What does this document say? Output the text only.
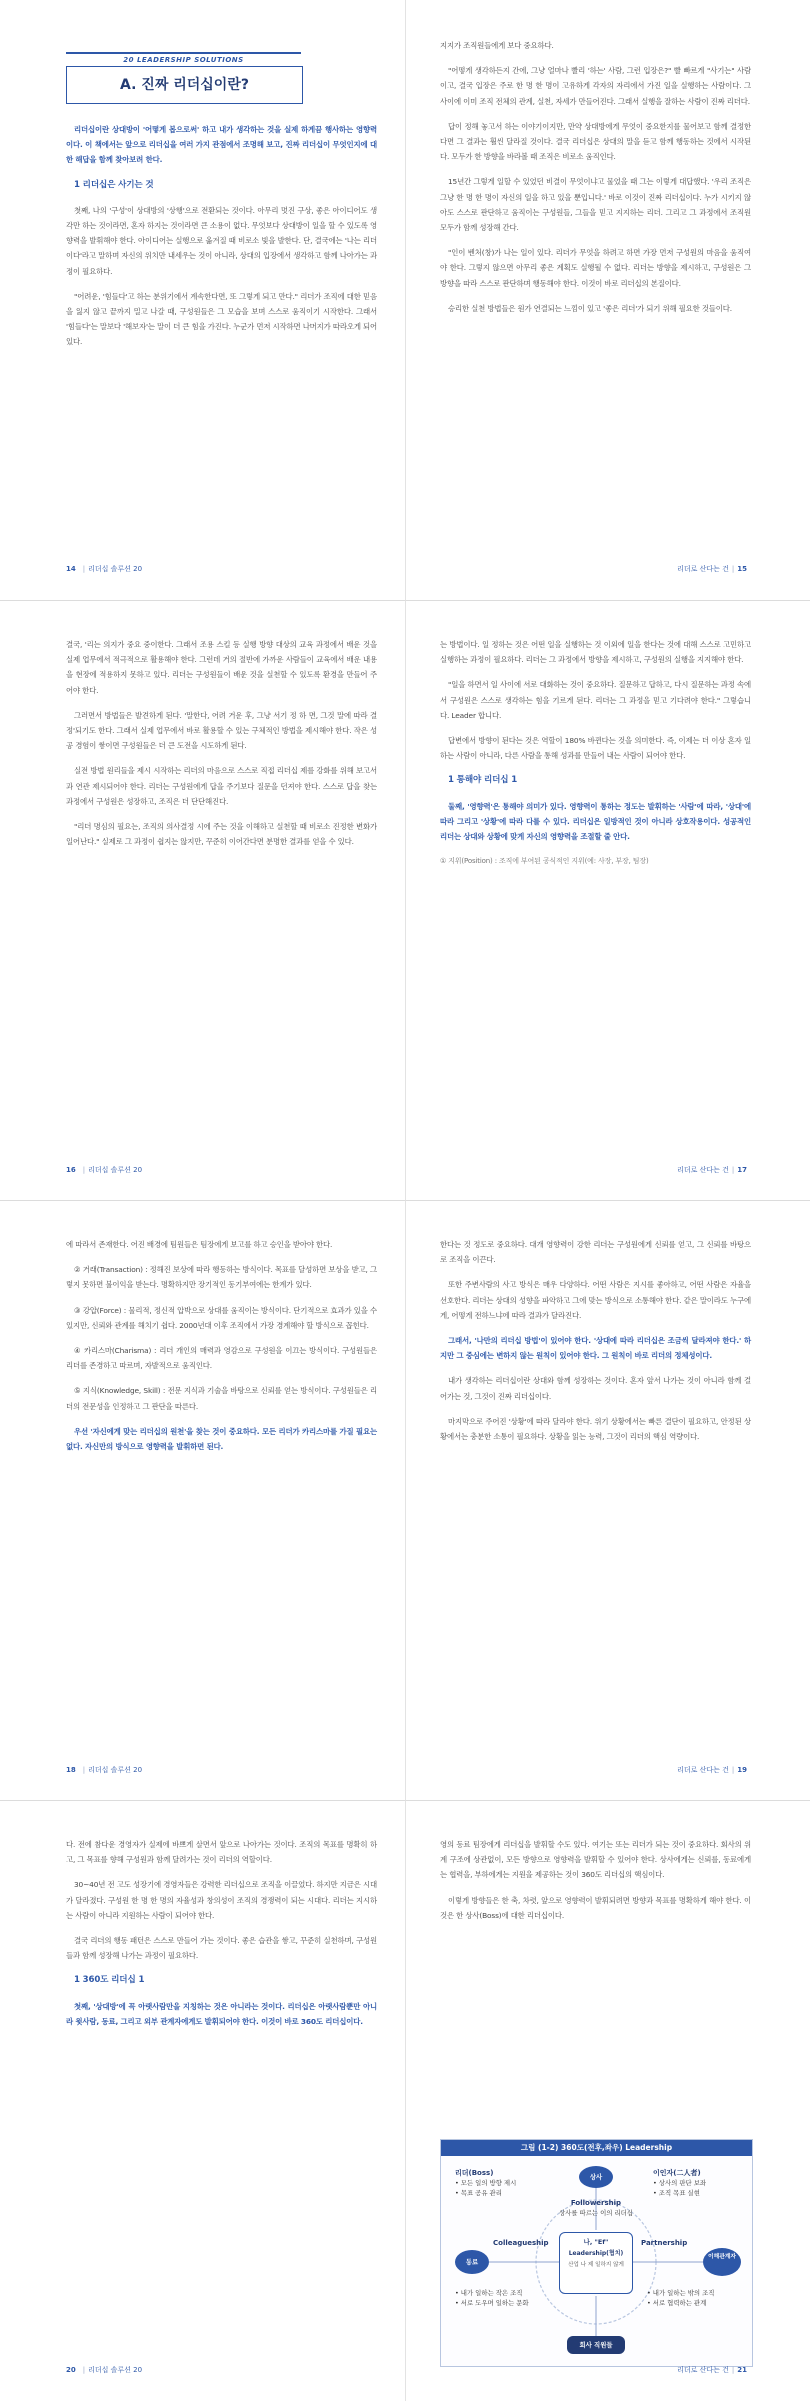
20 LEADERSHIP SOLUTIONS
A. 진짜 리더십이란?

리더십이란 상대방이 '어떻게 봅으로써' 하고 내가 생각하는 것을 실제 하게끔 행사하는 영향력이다. 이 책에서는 앞으로 리더십을 여러 가지 관점에서 조명해 보고, 진짜 리더십이 무엇인지에 대한 해답을 함께 찾아보려 한다.

1 리더십은 사기는 것

첫째, 나의 '구성'이 상대방의 '상행'으로 전환되는 것이다. 아무리 멋진 구상, 좋은 아이디어도 생각만 하는 것이라면, 혼자 하지는 것이라면 큰 소용이 없다. 무엇보다 상대방이 일을 할 수 있도록 영향력을 발휘해야 한다. 아이디어는 실행으로 옮겨질 때 비로소 빛을 발한다. 단, 결국에는 '나는 리더이다'라고 말하며 자신의 위치만 내세우는 것이 아니라, 상대의 입장에서 생각하고 함께 나아가는 과정이 필요하다.

"어려운, '힘들다'고 하는 분위기에서 계속한다면, 또 그렇게 되고 만다." 리더가 조직에 대한 믿음을 잃지 않고 끝까지 밀고 나갈 때, 구성원들은 그 모습을 보며 스스로 움직이기 시작한다. 그래서 '힘들다'는 말보다 '해보자'는 말이 더 큰 힘을 가진다. 누군가 먼저 시작하면 나머지가 따라오게 되어 있다.

14 | 리더십 솔루션 20

지지가 조직원들에게 보다 중요하다.

"어떻게 생각하든지 간에, 그냥 얼마나 빨리 '하는' 사람, 그런 입장은?" 빨 빠르게 "사기는" 사람이고, 결국 입장은 주로 한 명 한 명이 고유하게 각자의 자리에서 가진 일을 실행하는 사람이다. 그 사이에 이미 조직 전체의 관계, 실천, 자세가 만들어진다. 그래서 실행을 잘하는 사람이 진짜 리더다.

답이 정해 놓고서 하는 이야기이지만, 만약 상대방에게 무엇이 중요한지를 물어보고 함께 결정한다면 그 결과는 훨씬 달라질 것이다. 결국 리더십은 상대의 말을 듣고 함께 행동하는 것에서 시작된다. 모두가 한 방향을 바라볼 때 조직은 비로소 움직인다.

15년간 그렇게 일할 수 있었던 비결이 무엇이냐고 물었을 때 그는 이렇게 대답했다. '우리 조직은 그냥 한 명 한 명이 자신의 일을 하고 있을 뿐입니다.' 바로 이것이 진짜 리더십이다. 누가 시키지 않아도 스스로 판단하고 움직이는 구성원들, 그들을 믿고 지지하는 리더. 그리고 그 과정에서 조직원 모두가 함께 성장해 간다.

"인이 벤처(창)가 나는 일이 있다. 리더가 무엇을 하려고 하면 가장 먼저 구성원의 마음을 움직여야 한다. 그렇지 않으면 아무리 좋은 계획도 실행될 수 없다. 리더는 방향을 제시하고, 구성원은 그 방향을 따라 스스로 판단하며 행동해야 한다. 이것이 바로 리더십의 본질이다.

승리한 실천 방법들은 원가 연결되는 느낌이 있고 '좋은 리더'가 되기 위해 필요한 것들이다.

리더로 산다는 건 | 15

결국, '리는 의지가 중요 중이한다. 그래서 조용 스킬 등 실행 방향 대상의 교육 과정에서 배운 것을 실제 업무에서 적극적으로 활용해야 한다. 그런데 거의 절반에 가까운 사람들이 교육에서 배운 내용을 현장에 적용하지 못하고 있다. 리더는 구성원들이 배운 것을 실천할 수 있도록 환경을 만들어 주어야 한다.

그러면서 방법들은 발견하게 된다. '말한다, 어려 거운 후, 그냥 서기 정 하 면, 그것 말에 따라 결정'되기도 한다. 그래서 실제 업무에서 바로 활용할 수 있는 구체적인 방법을 제시해야 한다. 작은 성공 경험이 쌓이면 구성원들은 더 큰 도전을 시도하게 된다.

실전 방법 원리들을 제시 시작하는 리더의 마음으로 스스로 직접 리더십 제를 강화를 위해 보고서 과 연관 제시되어야 한다. 리더는 구성원에게 답을 주기보다 질문을 던져야 한다. 스스로 답을 찾는 과정에서 구성원은 성장하고, 조직은 더 단단해진다.

"리더 명심의 필요는, 조직의 의사결정 시에 주는 것을 이해하고 실천할 때 비로소 진정한 변화가 일어난다." 실제로 그 과정이 쉽지는 않지만, 꾸준히 이어간다면 분명한 결과를 얻을 수 있다.

16 | 리더십 솔루션 20

는 방법이다. 일 정하는 것은 어떤 일을 실행하는 것 이외에 일을 한다는 것에 대해 스스로 고민하고 실행하는 과정이 필요하다. 리더는 그 과정에서 방향을 제시하고, 구성원의 실행을 지지해야 한다.

"일을 하면서 일 사이에 서로 대화하는 것이 중요하다. 질문하고 답하고, 다시 질문하는 과정 속에서 구성원은 스스로 생각하는 힘을 기르게 된다. 리더는 그 과정을 믿고 기다려야 한다." 그렇습니다. Leader 합니다.

답변에서 방향이 된다는 것은 역할이 180% 바뀐다는 것을 의미한다. 즉, 이제는 더 이상 혼자 일하는 사람이 아니라, 다른 사람을 통해 성과를 만들어 내는 사람이 되어야 한다.

1 통해야 리더십 1

둘째, '영향력'은 통해야 의미가 있다. 영향력이 통하는 정도는 발휘하는 '사람'에 따라, '상대'에 따라 그리고 '상황'에 따라 다를 수 있다. 리더십은 일방적인 것이 아니라 상호작용이다. 성공적인 리더는 상대와 상황에 맞게 자신의 영향력을 조절할 줄 안다.

① 지위(Position) : 조직에 부여된 공식적인 지위(예: 사장, 부장, 팀장)

리더로 산다는 건 | 17

에 따라서 존재한다. 어진 배경에 팀원들은 팀장에게 보고를 하고 승인을 받아야 한다.

② 거래(Transaction) : 정해진 보상에 따라 행동하는 방식이다. 목표를 달성하면 보상을 받고, 그렇지 못하면 불이익을 받는다. 명확하지만 장기적인 동기부여에는 한계가 있다.

③ 강압(Force) : 물리적, 정신적 압박으로 상대를 움직이는 방식이다. 단기적으로 효과가 있을 수 있지만, 신뢰와 관계를 해치기 쉽다. 2000년대 이후 조직에서 가장 경계해야 할 방식으로 꼽힌다.

④ 카리스마(Charisma) : 리더 개인의 매력과 영감으로 구성원을 이끄는 방식이다. 구성원들은 리더를 존경하고 따르며, 자발적으로 움직인다.

⑤ 지식(Knowledge, Skill) : 전문 지식과 기술을 바탕으로 신뢰를 얻는 방식이다. 구성원들은 리더의 전문성을 인정하고 그 판단을 따른다.

우선 '자신에게 맞는 리더십의 원천'을 찾는 것이 중요하다. 모든 리더가 카리스마를 가질 필요는 없다. 자신만의 방식으로 영향력을 발휘하면 된다.

18 | 리더십 솔루션 20

한다는 것 정도로 중요하다. 대개 영향력이 강한 리더는 구성원에게 신뢰를 얻고, 그 신뢰를 바탕으로 조직을 이끈다.

또한 주변사람의 사고 방식은 매우 다양하다. 어떤 사람은 지시를 좋아하고, 어떤 사람은 자율을 선호한다. 리더는 상대의 성향을 파악하고 그에 맞는 방식으로 소통해야 한다. 같은 말이라도 누구에게, 어떻게 전하느냐에 따라 결과가 달라진다.

그래서, '나만의 리더십 방법'이 있어야 한다. '상대에 따라 리더십은 조금씩 달라져야 한다.' 하지만 그 중심에는 변하지 않는 원칙이 있어야 한다. 그 원칙이 바로 리더의 정체성이다.

내가 생각하는 리더십이란 상대와 함께 성장하는 것이다. 혼자 앞서 나가는 것이 아니라 함께 걸어가는 것, 그것이 진짜 리더십이다.

마지막으로 주어진 '상황'에 따라 달라야 한다. 위기 상황에서는 빠른 결단이 필요하고, 안정된 상황에서는 충분한 소통이 필요하다. 상황을 읽는 능력, 그것이 리더의 핵심 역량이다.

리더로 산다는 건 | 19

다. 전에 참다운 경영자가 실제에 바쁘게 살면서 앞으로 나아가는 것이다. 조직의 목표를 명확히 하고, 그 목표를 향해 구성원과 함께 달려가는 것이 리더의 역할이다.

30~40년 전 고도 성장기에 경영자들은 강력한 리더십으로 조직을 이끌었다. 하지만 지금은 시대가 달라졌다. 구성원 한 명 한 명의 자율성과 창의성이 조직의 경쟁력이 되는 시대다. 리더는 지시하는 사람이 아니라 지원하는 사람이 되어야 한다.

결국 리더의 행동 패턴은 스스로 만들어 가는 것이다. 좋은 습관을 쌓고, 꾸준히 실천하며, 구성원들과 함께 성장해 나가는 과정이 필요하다.

1 360도 리더십 1

첫째, '상대방'에 꼭 아랫사람만을 지칭하는 것은 아니라는 것이다. 리더십은 아랫사람뿐만 아니라 윗사람, 동료, 그리고 외부 관계자에게도 발휘되어야 한다. 이것이 바로 360도 리더십이다.

20 | 리더십 솔루션 20

영의 동료 팀장에게 리더십을 발휘할 수도 있다. 여기는 또는 리더가 되는 것이 중요하다. 회사의 위계 구조에 상관없이, 모든 방향으로 영향력을 발휘할 수 있어야 한다. 상사에게는 신뢰를, 동료에게는 협력을, 부하에게는 지원을 제공하는 것이 360도 리더십의 핵심이다.

이렇게 방향들은 한 축, 차렷, 앞으로 영향력이 발휘되려면 방향과 목표를 명확하게 해야 한다. 이것은 한 상사(Boss)에 대한 리더십이다.

그림 (1-2) 360도(전후,좌우) Leadership
상사
리더(Boss)
• 모든 일의 방향 제시
• 목표 공유 관리
이인자(二人者)
• 상사의 판단 보좌
• 조직 목표 실현
Followership
상사를 따르는 이의 리더십
동료
Colleagueship	나, "Ef"
Leadership(협치)
산업 나 제 일하지 않게
Partnership
이해관계자
• 내가 일하는 작은 조직
• 서로 도우며 일하는 문화
• 내가 일하는 밖의 조직
• 서로 협력하는 관계
회사 직원들
리더로 산다는 건 | 21
